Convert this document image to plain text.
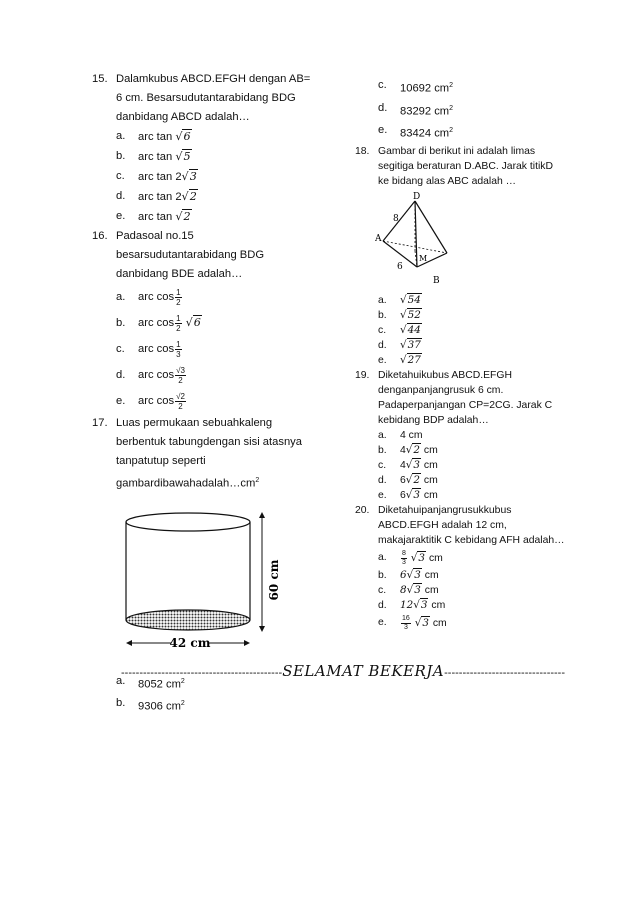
15. Dalamkubus ABCD.EFGH dengan AB=
6 cm. Besarsudutantarabidang BDG
danbidang ABCD adalah…
a. arc tan √6
b. arc tan √5
c. arc tan 2√3
d. arc tan 2√2
e. arc tan √2
16. Padasoal no.15
besarsudutantarabidang BDG
danbidang BDE adalah…
a. arc $\cos \frac{1}{2}$
b. arc $\cos \frac{1}{2} √6$
c. arc $\cos \frac{1}{3}$
d. arc $\cos \frac{√3}{2}$
e. arc $\cos \frac{√2}{2}$
17. Luas permukaan sebuahkaleng
berbentuk tabungdengan sisi atasnya
tanpatutup seperti
$gambardibawahadalah\dots cm^2$
60 cm
42 cm
a. 8052 $cm^2$
b. 9306 $cm^2$
c. 10692 $cm^2$
d. 83292 $cm^2$
e. 83424 $cm^2$
18. Gambar di berikut ini adalah limas
segitiga beraturan D.ABC. Jarak titikD
ke bidang alas ABC adalah …
D
A
M
B
8
6
a. √54
b. √52
c. √44
d. √37
e. √27
19. Diketahuikubus ABCD.EFGH
denganpanjangrusuk 6 cm.
Padaperpanjangan CP=2CG. Jarak C
kebidang BDP adalah…
a. 4 cm
b. 4√2 cm
c. 4√3 cm
d. 6√2 cm
e. 6√3 cm
20. Diketahuipanjangrusukkubus
ABCD.EFGH adalah 12 cm,
makajaraktitik C kebidang AFH adalah…
a. $\frac{8}{3} √3$ cm
b. 6√3 cm
c. 8√3 cm
d. 12√3 cm
e. $\frac{16}{3} √3$ cm
--------------------------------------------SELAMAT BEKERJA---------------------------------
